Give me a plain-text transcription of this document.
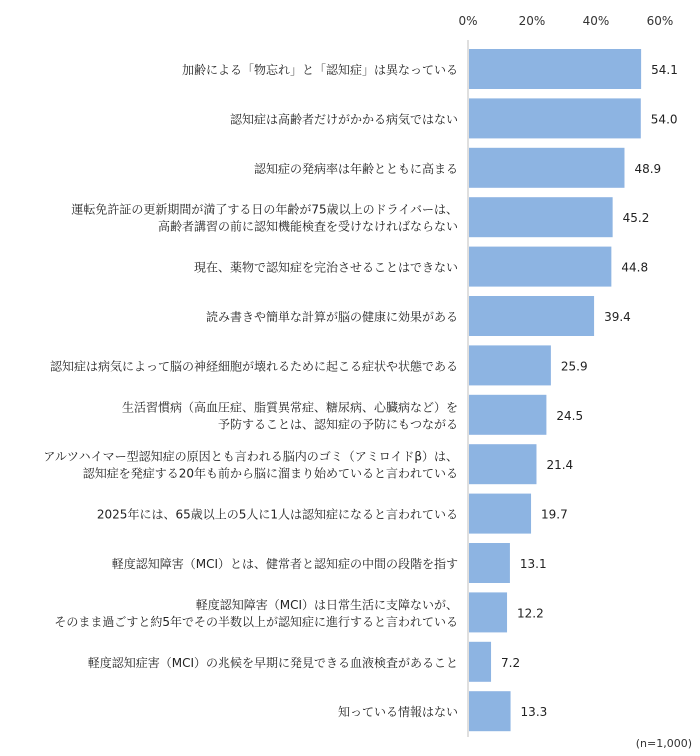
0%	20%	40%	60%
加齢による「物忘れ」と「認知症」は異なっている
認知症は高齢者だけがかかる病気ではない
認知症の発病率は年齢とともに高まる
運転免許証の更新期間が満了する日の年齢が75歳以上のドライバーは、
高齢者講習の前に認知機能検査を受けなければならない
現在、薬物で認知症を完治させることはできない
読み書きや簡単な計算が脳の健康に効果がある
認知症は病気によって脳の神経細胞が壊れるために起こる症状や状態である
生活習慣病（高血圧症、脂質異常症、糖尿病、心臓病など）を
予防することは、認知症の予防にもつながる
アルツハイマー型認知症の原因とも言われる脳内のゴミ（アミロイドβ）は、
認知症を発症する20年も前から脳に溜まり始めていると言われている
2025年には、65歳以上の5人に1人は認知症になると言われている
軽度認知障害（MCI）とは、健常者と認知症の中間の段階を指す
軽度認知障害（MCI）は日常生活に支障ないが、
そのまま過ごすと約5年でその半数以上が認知症に進行すると言われている
軽度認知症害（MCI）の兆候を早期に発見できる血液検査があること
知っている情報はない
54.1
54.0
48.9
45.2
44.8
39.4
25.9
24.5
21.4
19.7
13.1
12.2
7.2
13.3
(n=1,000)
